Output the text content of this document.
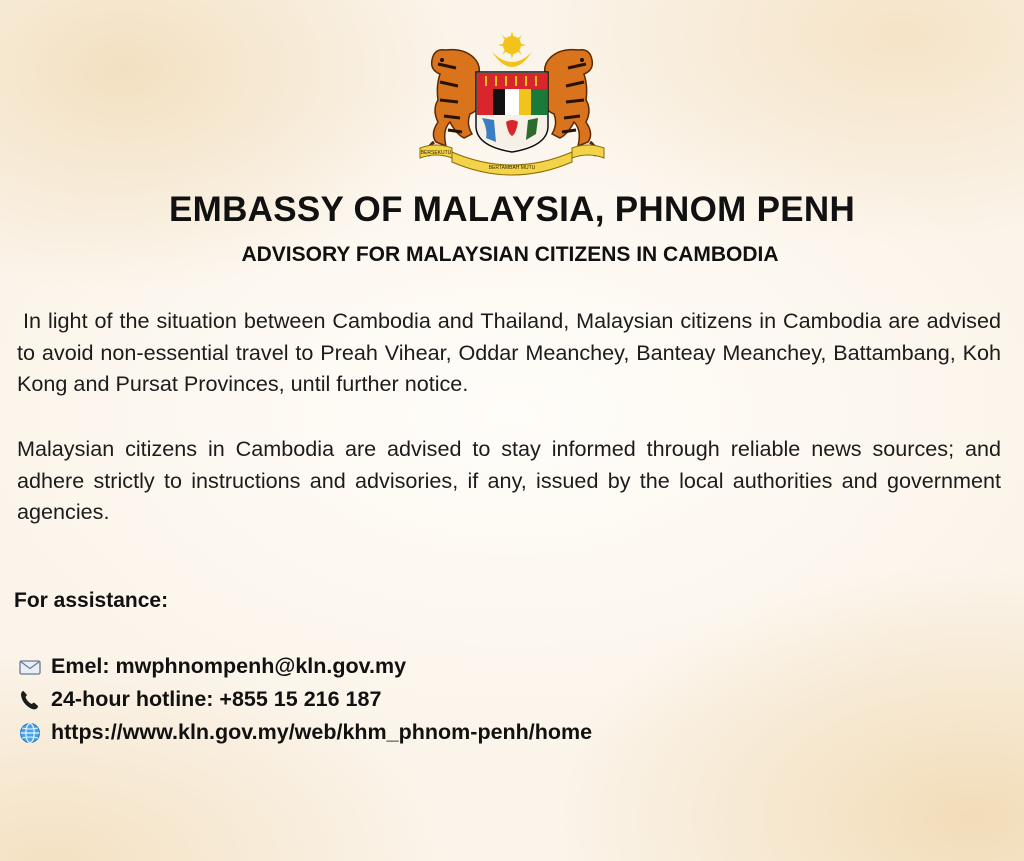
BERSEKUTU
BERTAMBAH MUTU
EMBASSY OF MALAYSIA, PHNOM PENH
ADVISORY FOR MALAYSIAN CITIZENS IN CAMBODIA

In light of the situation between Cambodia and Thailand, Malaysian citizens in Cambodia are advised to avoid non-essential travel to Preah Vihear, Oddar Meanchey, Banteay Meanchey, Battambang, Koh Kong and Pursat Provinces, until further notice.

Malaysian citizens in Cambodia are advised to stay informed through reliable news sources; and adhere strictly to instructions and advisories, if any, issued by the local authorities and government agencies.

For assistance:

Emel: mwphnompenh@kln.gov.my
24-hour hotline: +855 15 216 187
https://www.kln.gov.my/web/khm_phnom-penh/home
